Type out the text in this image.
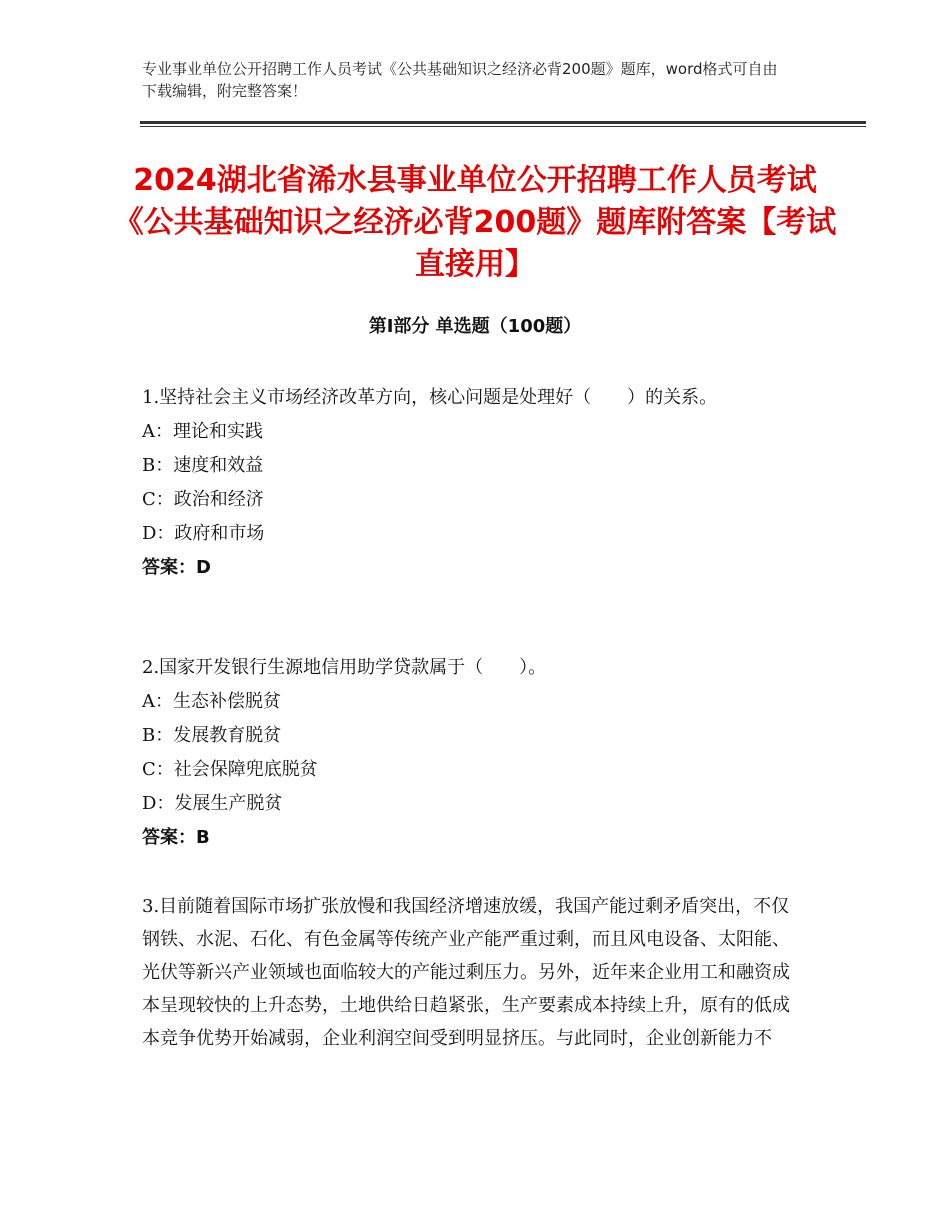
专业事业单位公开招聘工作人员考试《公共基础知识之经济必背200题》题库，word格式可自由下载编辑，附完整答案！
2024湖北省浠水县事业单位公开招聘工作人员考试《公共基础知识之经济必背200题》题库附答案【考试直接用】
第I部分 单选题（100题）
1.坚持社会主义市场经济改革方向，核心问题是处理好（　　）的关系。
A：理论和实践
B：速度和效益
C：政治和经济
D：政府和市场
答案：D
2.国家开发银行生源地信用助学贷款属于（　　）。
A：生态补偿脱贫
B：发展教育脱贫
C：社会保障兜底脱贫
D：发展生产脱贫
答案：B
3.目前随着国际市场扩张放慢和我国经济增速放缓，我国产能过剩矛盾突出，不仅钢铁、水泥、石化、有色金属等传统产业产能严重过剩，而且风电设备、太阳能、光伏等新兴产业领域也面临较大的产能过剩压力。另外，近年来企业用工和融资成本呈现较快的上升态势，土地供给日趋紧张，生产要素成本持续上升，原有的低成本竞争优势开始减弱，企业利润空间受到明显挤压。与此同时，企业创新能力不
